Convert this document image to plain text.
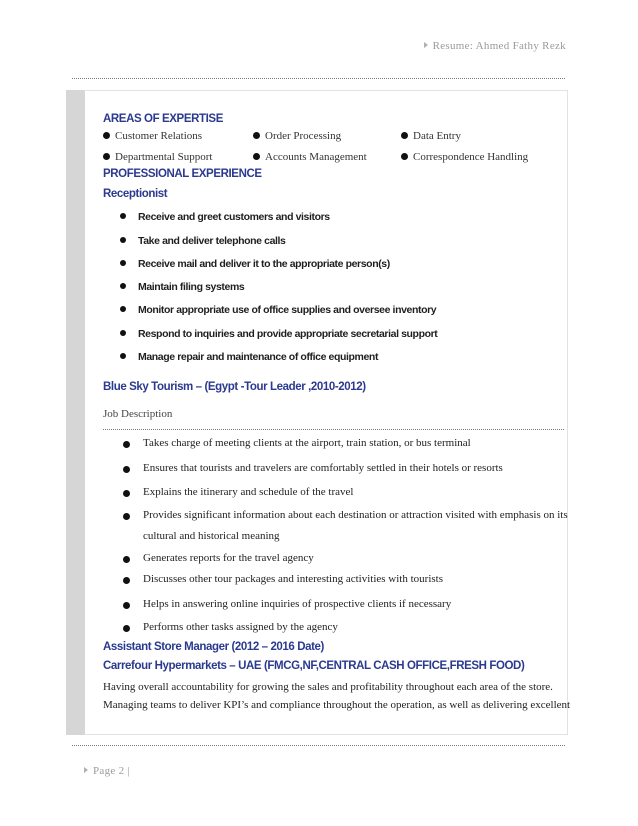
Resume: Ahmed Fathy Rezk
AREAS OF EXPERTISE
Customer Relations	Order Processing	Data Entry
Departmental Support	Accounts Management	Correspondence Handling
PROFESSIONAL EXPERIENCE
Receptionist
Receive and greet customers and visitors
Take and deliver telephone calls
Receive mail and deliver it to the appropriate person(s)
Maintain filing systems
Monitor appropriate use of office supplies and oversee inventory
Respond to inquiries and provide appropriate secretarial support
Manage repair and maintenance of office equipment
Blue Sky Tourism – (Egypt -Tour Leader ,2010-2012)
Job Description
Takes charge of meeting clients at the airport, train station, or bus terminal
Ensures that tourists and travelers are comfortably settled in their hotels or resorts
Explains the itinerary and schedule of the travel
Provides significant information about each destination or attraction visited with emphasis on its
cultural and historical meaning
Generates reports for the travel agency
Discusses other tour packages and interesting activities with tourists
Helps in answering online inquiries of prospective clients if necessary
Performs other tasks assigned by the agency
Assistant Store Manager (2012 – 2016 Date)
Carrefour Hypermarkets – UAE (FMCG,NF,CENTRAL CASH OFFICE,FRESH FOOD)
Having overall accountability for growing the sales and profitability throughout each area of the store.
Managing teams to deliver KPI’s and compliance throughout the operation, as well as delivering excellent
Page 2 |
